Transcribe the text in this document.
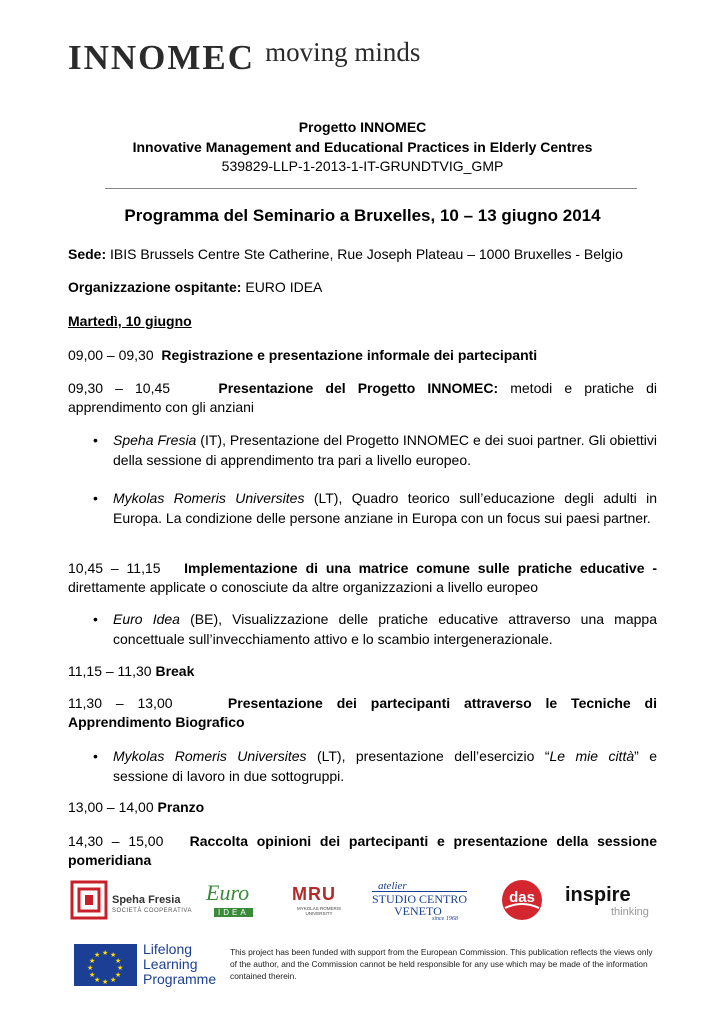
INNOMEC moving minds
Progetto INNOMEC
Innovative Management and Educational Practices in Elderly Centres
539829-LLP-1-2013-1-IT-GRUNDTVIG_GMP
Programma del Seminario a Bruxelles, 10 – 13 giugno 2014
Sede: IBIS Brussels Centre Ste Catherine, Rue Joseph Plateau – 1000 Bruxelles - Belgio
Organizzazione ospitante: EURO IDEA
Martedì, 10 giugno
09,00 – 09,30 Registrazione e presentazione informale dei partecipanti
09,30 – 10,45	Presentazione del Progetto INNOMEC: metodi e pratiche di
apprendimento con gli anziani
• Speha Fresia (IT), Presentazione del Progetto INNOMEC e dei suoi partner. Gli obiettivi della sessione di apprendimento tra pari a livello europeo.
• Mykolas Romeris Universites (LT), Quadro teorico sull’educazione degli adulti in Europa. La condizione delle persone anziane in Europa con un focus sui paesi partner.
10,45 – 11,15 Implementazione di una matrice comune sulle pratiche educative -
direttamente applicate o conosciute da altre organizzazioni a livello europeo
• Euro Idea (BE), Visualizzazione delle pratiche educative attraverso una mappa concettuale sull’invecchiamento attivo e lo scambio intergenerazionale.
11,15 – 11,30 Break
11,30 – 13,00	Presentazione dei partecipanti attraverso le Tecniche di
Apprendimento Biografico
• Mykolas Romeris Universites (LT), presentazione dell’esercizio “Le mie città” e sessione di lavoro in due sottogruppi.
13,00 – 14,00 Pranzo
14,30 – 15,00 Raccolta opinioni dei partecipanti e presentazione della sessione
pomeridiana
Speha Fresia
SOCIETÀ COOPERATIVA
Euro
IDEA
MRU
MYKOLAS ROMERIS UNIVERSITY
atelier
STUDIO CENTRO
VENETO
since 1968
das	inspire
thinking
★ ★
★
★
★
★
★
★
★
★
★
★	Lifelong
Learning
Programme
This project has been funded with support from the European Commission. This publication reflects the views only of the author, and the Commission cannot be held responsible for any use which may be made of the information contained therein.
